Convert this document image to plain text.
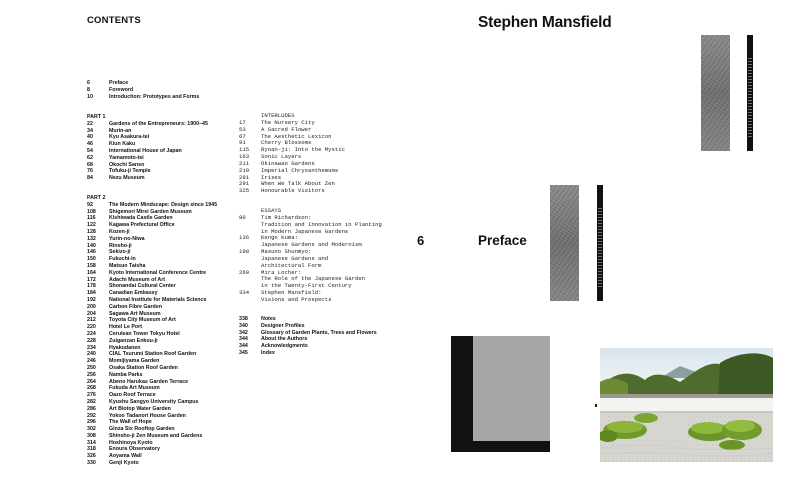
CONTENTS
6	Preface
8	Foreword
10	Introduction: Prototypes and Forms
PART 1
22	Gardens of the Entrepreneurs: 1900–45
34	Murin-an
40	Kyu Asakura-tei
46	Kiun Kaku
54	International House of Japan
62	Yamamoto-tei
68	Okochi Sanso
76	Tofuku-ji Temple
84	Nezu Museum
PART 2
92	The Modern Mindscape: Design since 1945
108	Shigemori Mirei Garden Museum
116	Kishiwada Castle Garden
122	Kagawa Prefectural Office
128	Kozen-ji
132	Yurin-no-Niwa
140	Rinsho-ji
146	Sekizo-ji
150	Fukuchi-in
158	Matsuo Taisha
164	Kyoto International Conference Centre
172	Adachi Museum of Art
178	Shonandai Cultural Center
184	Canadian Embassy
192	National Institute for Materials Science
200	Carbon Fibre Garden
204	Sagawa Art Museum
212	Toyota City Museum of Art
220	Hotel Le Port
224	Cerulean Tower Tokyu Hotel
228	Zuiganzan Enkou-ji
234	Hyakudanen
240	CIAL Tsurumi Station Roof Garden
246	Momijiyama Garden
250	Osaka Station Roof Garden
256	Namba Parks
264	Abeno Harukas Garden Terrace
268	Fukuda Art Museum
276	Oazo Roof Terrace
282	Kyushu Sangyo University Campus
286	Art Biotop Water Garden
292	Yokoo Tadanori House Garden
296	The Wall of Hope
302	Ginza Six Rooftop Garden
308	Shinsho-ji Zen Museum and Gardens
314	Hoshinoya Kyoto
318	Enoura Observatory
326	Aoyama Wall
330	Genji Kyoto
INTERLUDES
17	The Nursery City
53	A Sacred Flower
67	The Aesthetic Lexicon
91	Cherry Blossoms
115	Ryoan-ji: Into the Mystic
163	Sonic Layers
211	Okinawan Gardens
219	Imperial Chrysanthemums
281	Irises
291	When We Talk About Zen
325	Honourable Visitors
ESSAYS
80	Tim Richardson:
Tradition and Innovation in Planting
in Modern Japanese Gardens
136	Kengo Kuma:
Japanese Gardens and Modernism
198	Masuno Shunmyo:
Japanese Gardens and
Architectural Form
260	Mira Locher:
The Role of the Japanese Garden
in the Twenty-First Century
334	Stephen Mansfield:
Visions and Prospects
338	Notes
340	Designer Profiles
342	Glossary of Garden Plants, Trees and Flowers
344	About the Authors
344	Acknowledgments
345	Index
Stephen Mansfield
6	Preface
